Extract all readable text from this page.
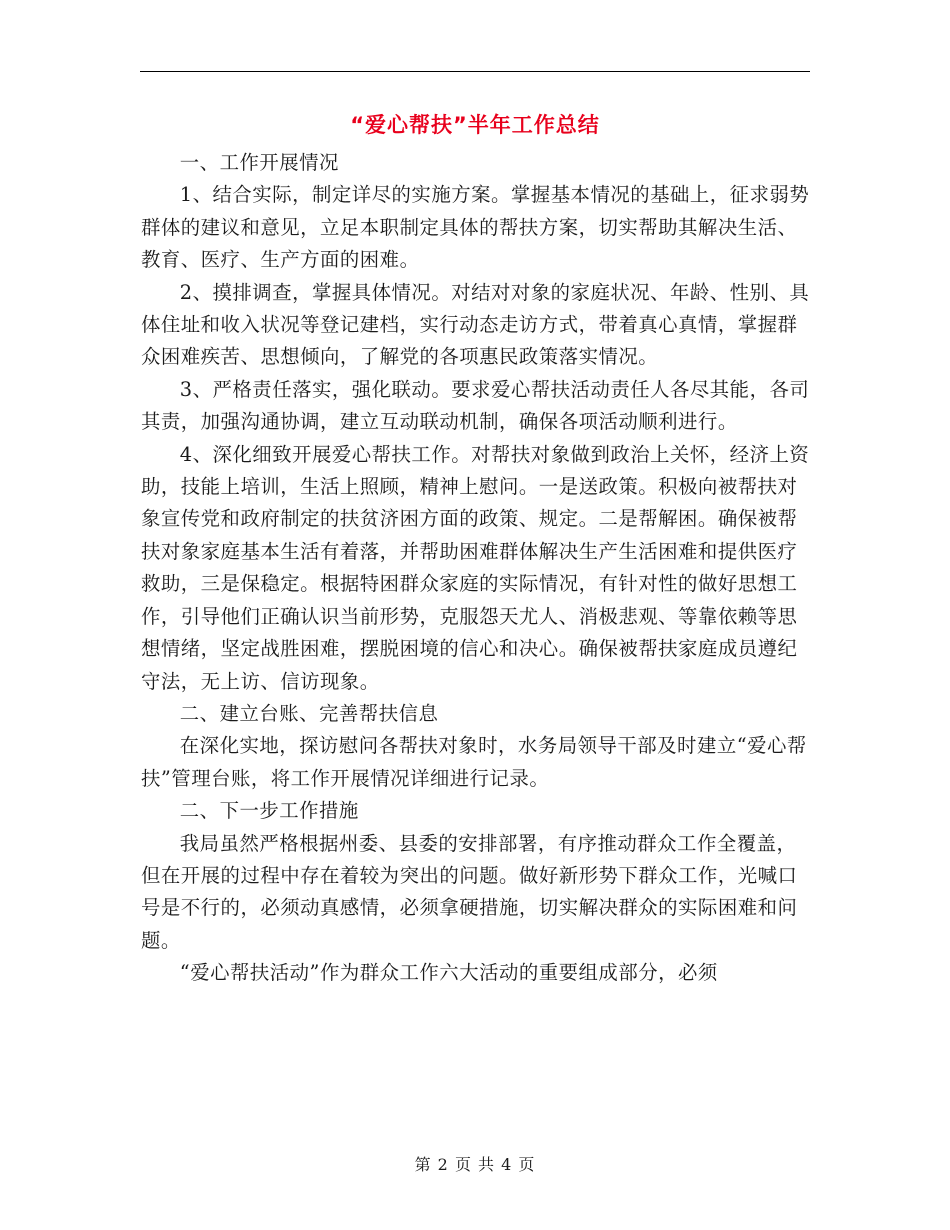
“爱心帮扶”半年工作总结

一、工作开展情况

1、结合实际，制定详尽的实施方案。掌握基本情况的基础上，征求弱势群体的建议和意见，立足本职制定具体的帮扶方案，切实帮助其解决生活、教育、医疗、生产方面的困难。

2、摸排调查，掌握具体情况。对结对对象的家庭状况、年龄、性别、具体住址和收入状况等登记建档，实行动态走访方式，带着真心真情，掌握群众困难疾苦、思想倾向，了解党的各项惠民政策落实情况。

3、严格责任落实，强化联动。要求爱心帮扶活动责任人各尽其能，各司其责，加强沟通协调，建立互动联动机制，确保各项活动顺利进行。

4、深化细致开展爱心帮扶工作。对帮扶对象做到政治上关怀，经济上资助，技能上培训，生活上照顾，精神上慰问。一是送政策。积极向被帮扶对象宣传党和政府制定的扶贫济困方面的政策、规定。二是帮解困。确保被帮扶对象家庭基本生活有着落，并帮助困难群体解决生产生活困难和提供医疗救助，三是保稳定。根据特困群众家庭的实际情况，有针对性的做好思想工作，引导他们正确认识当前形势，克服怨天尤人、消极悲观、等靠依赖等思想情绪，坚定战胜困难，摆脱困境的信心和决心。确保被帮扶家庭成员遵纪守法，无上访、信访现象。

二、建立台账、完善帮扶信息

在深化实地，探访慰问各帮扶对象时，水务局领导干部及时建立“爱心帮扶”管理台账，将工作开展情况详细进行记录。

二、下一步工作措施

我局虽然严格根据州委、县委的安排部署，有序推动群众工作全覆盖，但在开展的过程中存在着较为突出的问题。做好新形势下群众工作，光喊口号是不行的，必须动真感情，必须拿硬措施，切实解决群众的实际困难和问题。

“爱心帮扶活动”作为群众工作六大活动的重要组成部分，必须

第 2 页 共 4 页
